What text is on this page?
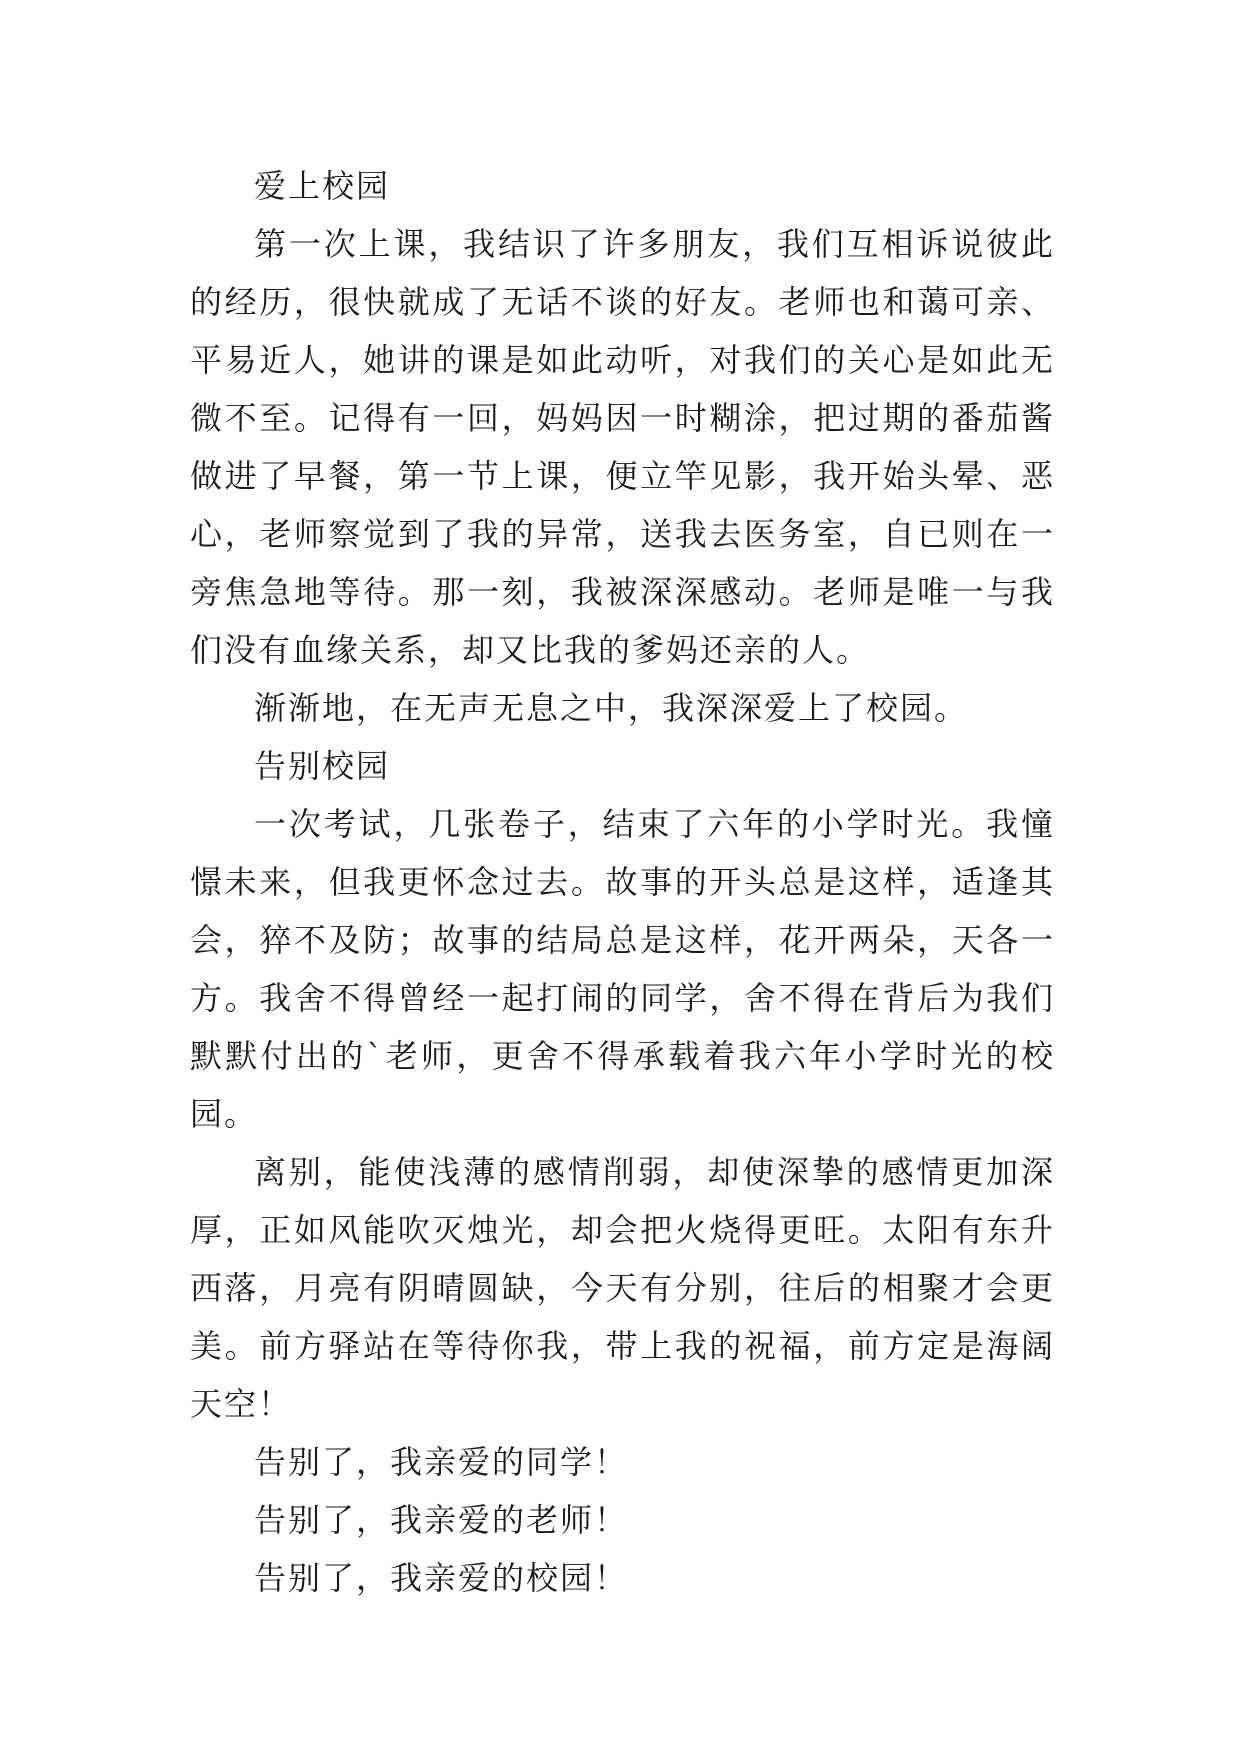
爱上校园

第一次上课，我结识了许多朋友，我们互相诉说彼此的经历，很快就成了无话不谈的好友。老师也和蔼可亲、平易近人，她讲的课是如此动听，对我们的关心是如此无微不至。记得有一回，妈妈因一时糊涂，把过期的番茄酱做进了早餐，第一节上课，便立竿见影，我开始头晕、恶心，老师察觉到了我的异常，送我去医务室，自已则在一旁焦急地等待。那一刻，我被深深感动。老师是唯一与我们没有血缘关系，却又比我的爹妈还亲的人。

渐渐地，在无声无息之中，我深深爱上了校园。

告别校园

一次考试，几张卷子，结束了六年的小学时光。我憧憬未来，但我更怀念过去。故事的开头总是这样，适逢其会，猝不及防；故事的结局总是这样，花开两朵，天各一方。我舍不得曾经一起打闹的同学，舍不得在背后为我们默默付出的`老师，更舍不得承载着我六年小学时光的校园。

离别，能使浅薄的感情削弱，却使深挚的感情更加深厚，正如风能吹灭烛光，却会把火烧得更旺。太阳有东升西落，月亮有阴晴圆缺，今天有分别，往后的相聚才会更美。前方驿站在等待你我，带上我的祝福，前方定是海阔天空！

告别了，我亲爱的同学！

告别了，我亲爱的老师！

告别了，我亲爱的校园！
